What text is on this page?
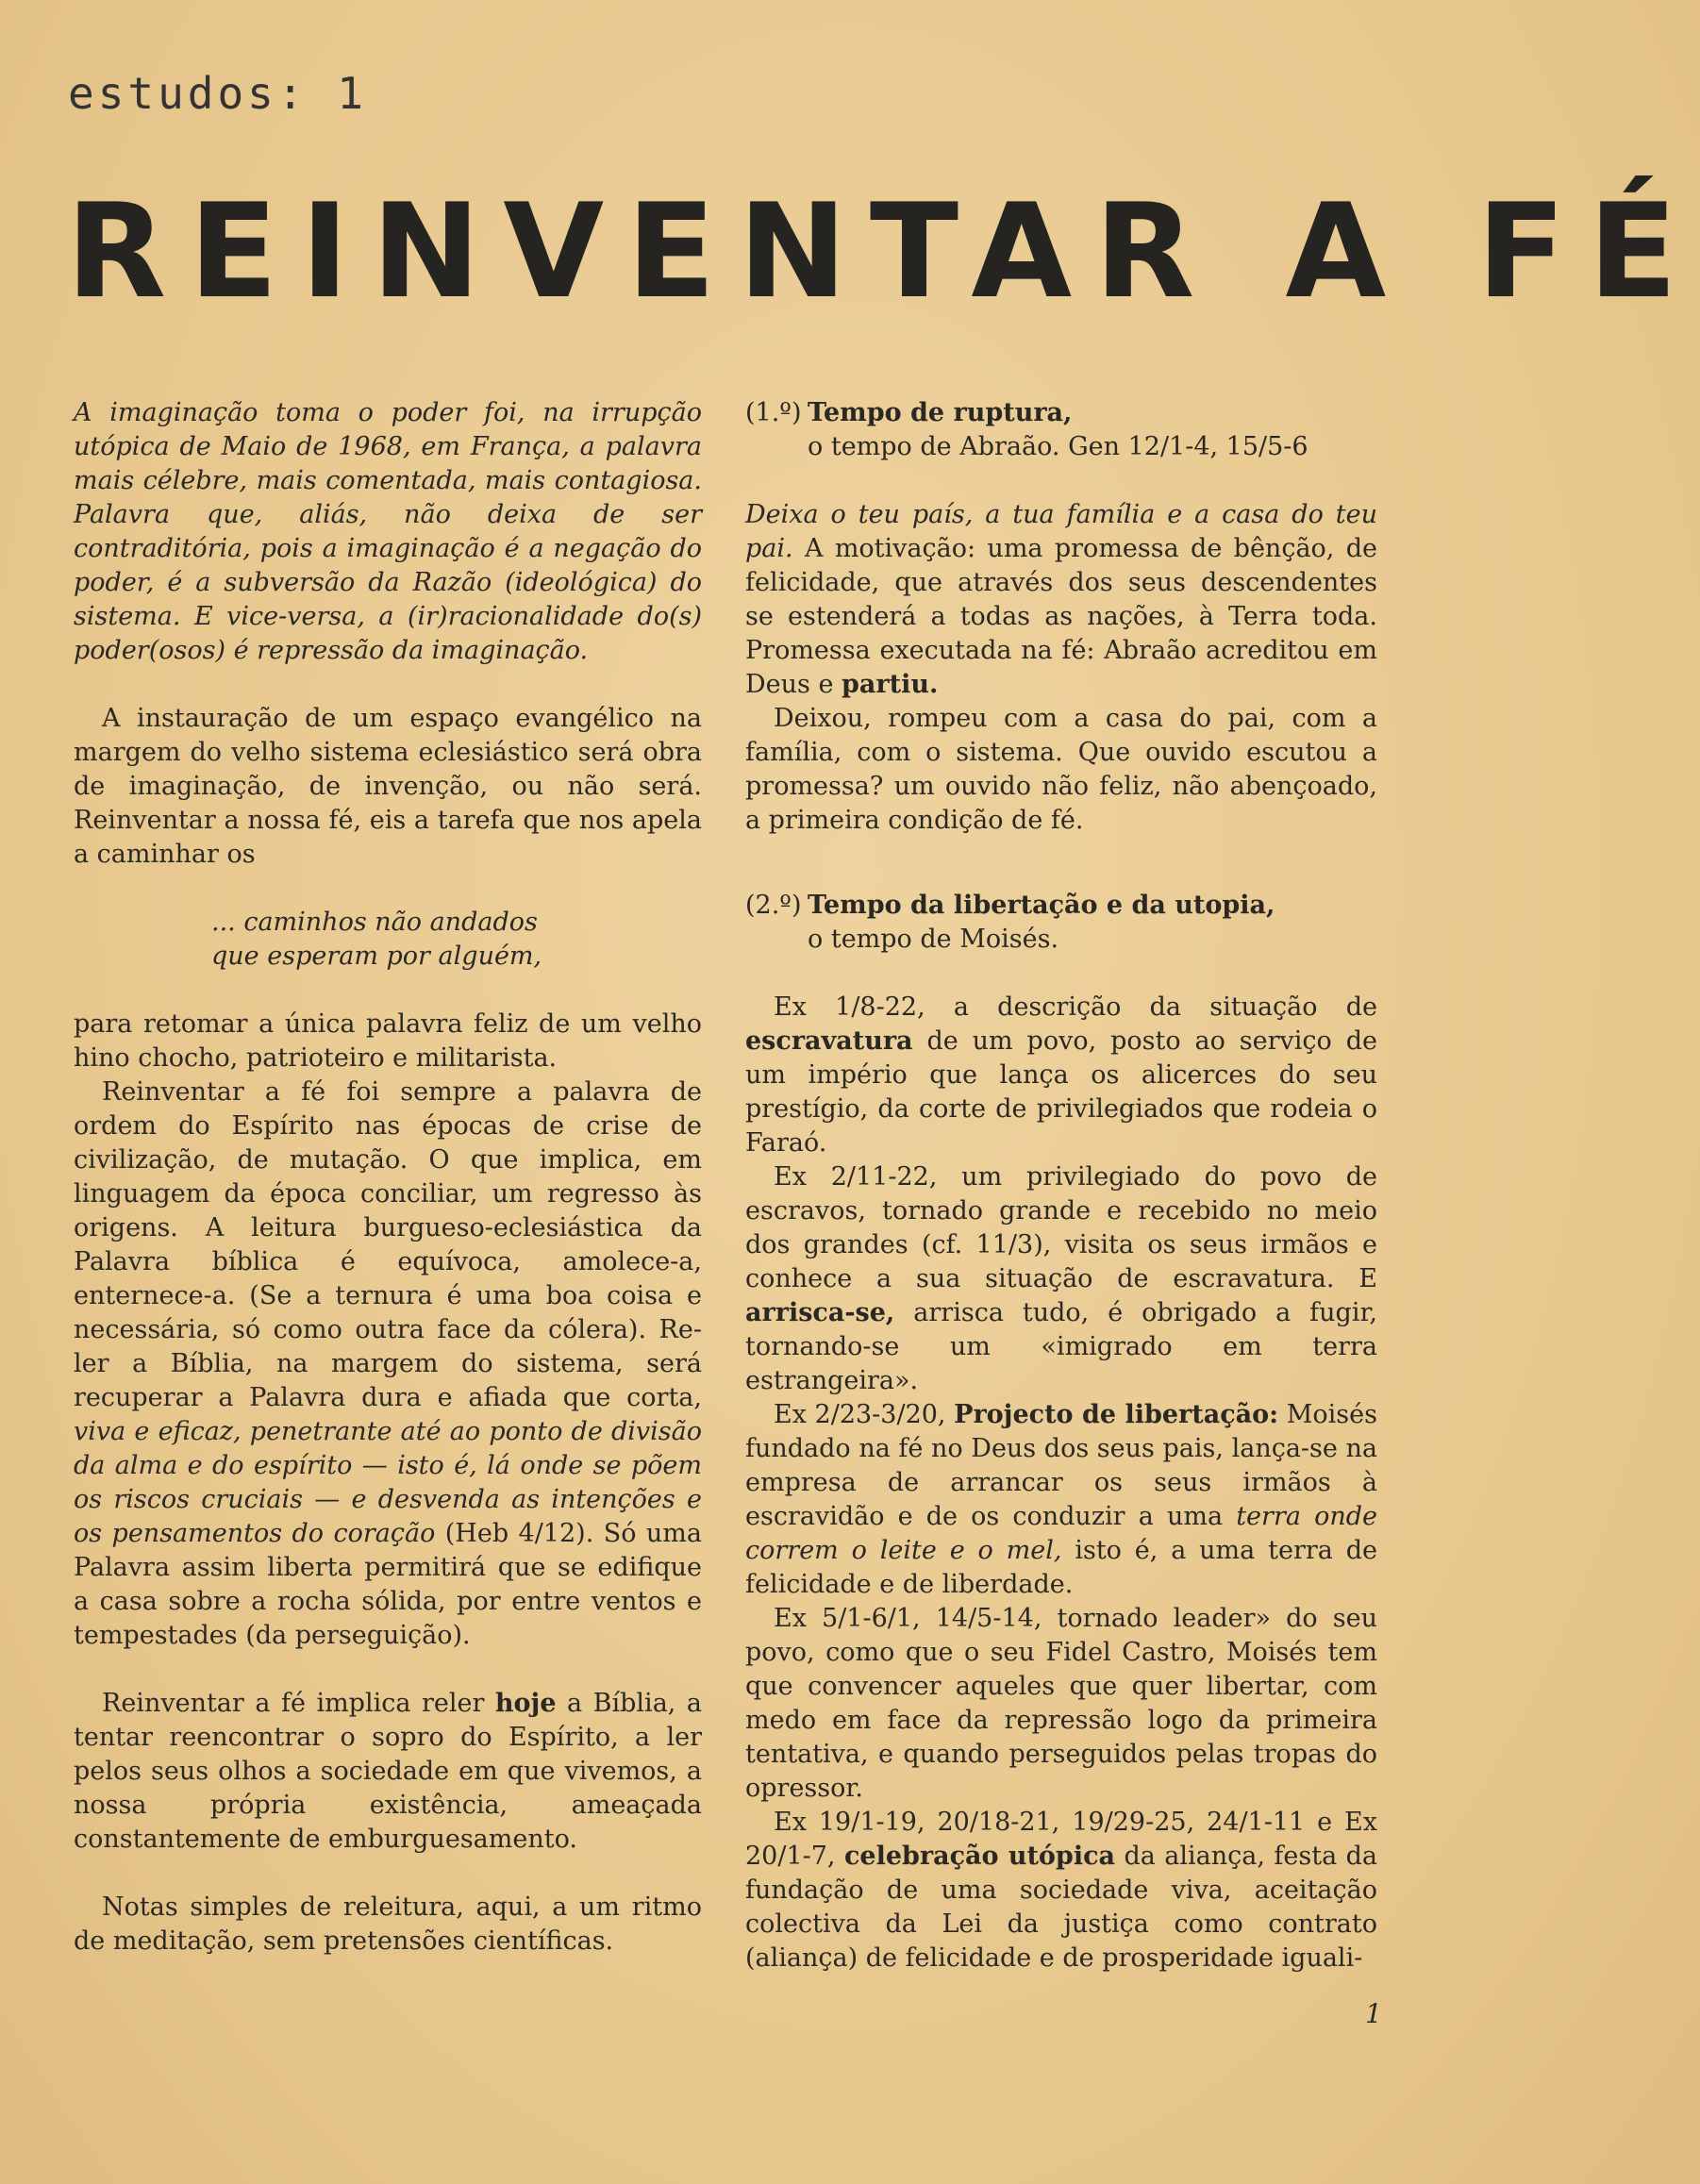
estudos: 1
REINVENTAR A FÉ

A imaginação toma o poder foi, na irrupção utópica de Maio de 1968, em França, a palavra mais célebre, mais comentada, mais contagiosa. Palavra que, aliás, não deixa de ser contraditória, pois a imaginação é a negação do poder, é a subversão da Razão (ideológica) do sistema. E vice-versa, a (ir)racionalidade do(s) poder(osos) é repressão da imaginação.

A instauração de um espaço evangélico na margem do velho sistema eclesiástico será obra de imaginação, de invenção, ou não será. Reinventar a nossa fé, eis a tarefa que nos apela a caminhar os

... caminhos não andados
que esperam por alguém,

para retomar a única palavra feliz de um velho hino chocho, patrioteiro e militarista.

Reinventar a fé foi sempre a palavra de ordem do Espírito nas épocas de crise de civilização, de mutação. O que implica, em linguagem da época conciliar, um regresso às origens. A leitura burgueso-eclesiástica da Palavra bíblica é equívoca, amolece-a, enternece-a. (Se a ternura é uma boa coisa e necessária, só como outra face da cólera). Re-ler a Bíblia, na margem do sistema, será recuperar a Palavra dura e afiada que corta, viva e eficaz, penetrante até ao ponto de divisão da alma e do espírito — isto é, lá onde se põem os riscos cruciais — e desvenda as intenções e os pensamentos do coração (Heb 4/12). Só uma Palavra assim liberta permitirá que se edifique a casa sobre a rocha sólida, por entre ventos e tempestades (da perseguição).

Reinventar a fé implica reler hoje a Bíblia, a tentar reencontrar o sopro do Espírito, a ler pelos seus olhos a sociedade em que vivemos, a nossa própria existência, ameaçada constantemente de emburguesamento.

Notas simples de releitura, aqui, a um ritmo de meditação, sem pretensões científicas.

(1.º) Tempo de ruptura,
o tempo de Abraão. Gen 12/1-4, 15/5-6

Deixa o teu país, a tua família e a casa do teu pai. A motivação: uma promessa de bênção, de felicidade, que através dos seus descendentes se estenderá a todas as nações, à Terra toda. Promessa executada na fé: Abraão acreditou em Deus e partiu.

Deixou, rompeu com a casa do pai, com a família, com o sistema. Que ouvido escutou a promessa? um ouvido não feliz, não abençoado, a primeira condição de fé.

(2.º) Tempo da libertação e da utopia,
o tempo de Moisés.

Ex 1/8-22, a descrição da situação de escravatura de um povo, posto ao serviço de um império que lança os alicerces do seu prestígio, da corte de privilegiados que rodeia o Faraó.

Ex 2/11-22, um privilegiado do povo de escravos, tornado grande e recebido no meio dos grandes (cf. 11/3), visita os seus irmãos e conhece a sua situação de escravatura. E arrisca-se, arrisca tudo, é obrigado a fugir, tornando-se um «imigrado em terra estrangeira».

Ex 2/23-3/20, Projecto de libertação: Moisés fundado na fé no Deus dos seus pais, lança-se na empresa de arrancar os seus irmãos à escravidão e de os conduzir a uma terra onde correm o leite e o mel, isto é, a uma terra de felicidade e de liberdade.

Ex 5/1-6/1, 14/5-14, tornado leader» do seu povo, como que o seu Fidel Castro, Moisés tem que convencer aqueles que quer libertar, com medo em face da repressão logo da primeira tentativa, e quando perseguidos pelas tropas do opressor.

Ex 19/1-19, 20/18-21, 19/29-25, 24/1-11 e Ex 20/1-7, celebração utópica da aliança, festa da fundação de uma sociedade viva, aceitação colectiva da Lei da justiça como contrato (aliança) de felicidade e de prosperidade iguali-

1
